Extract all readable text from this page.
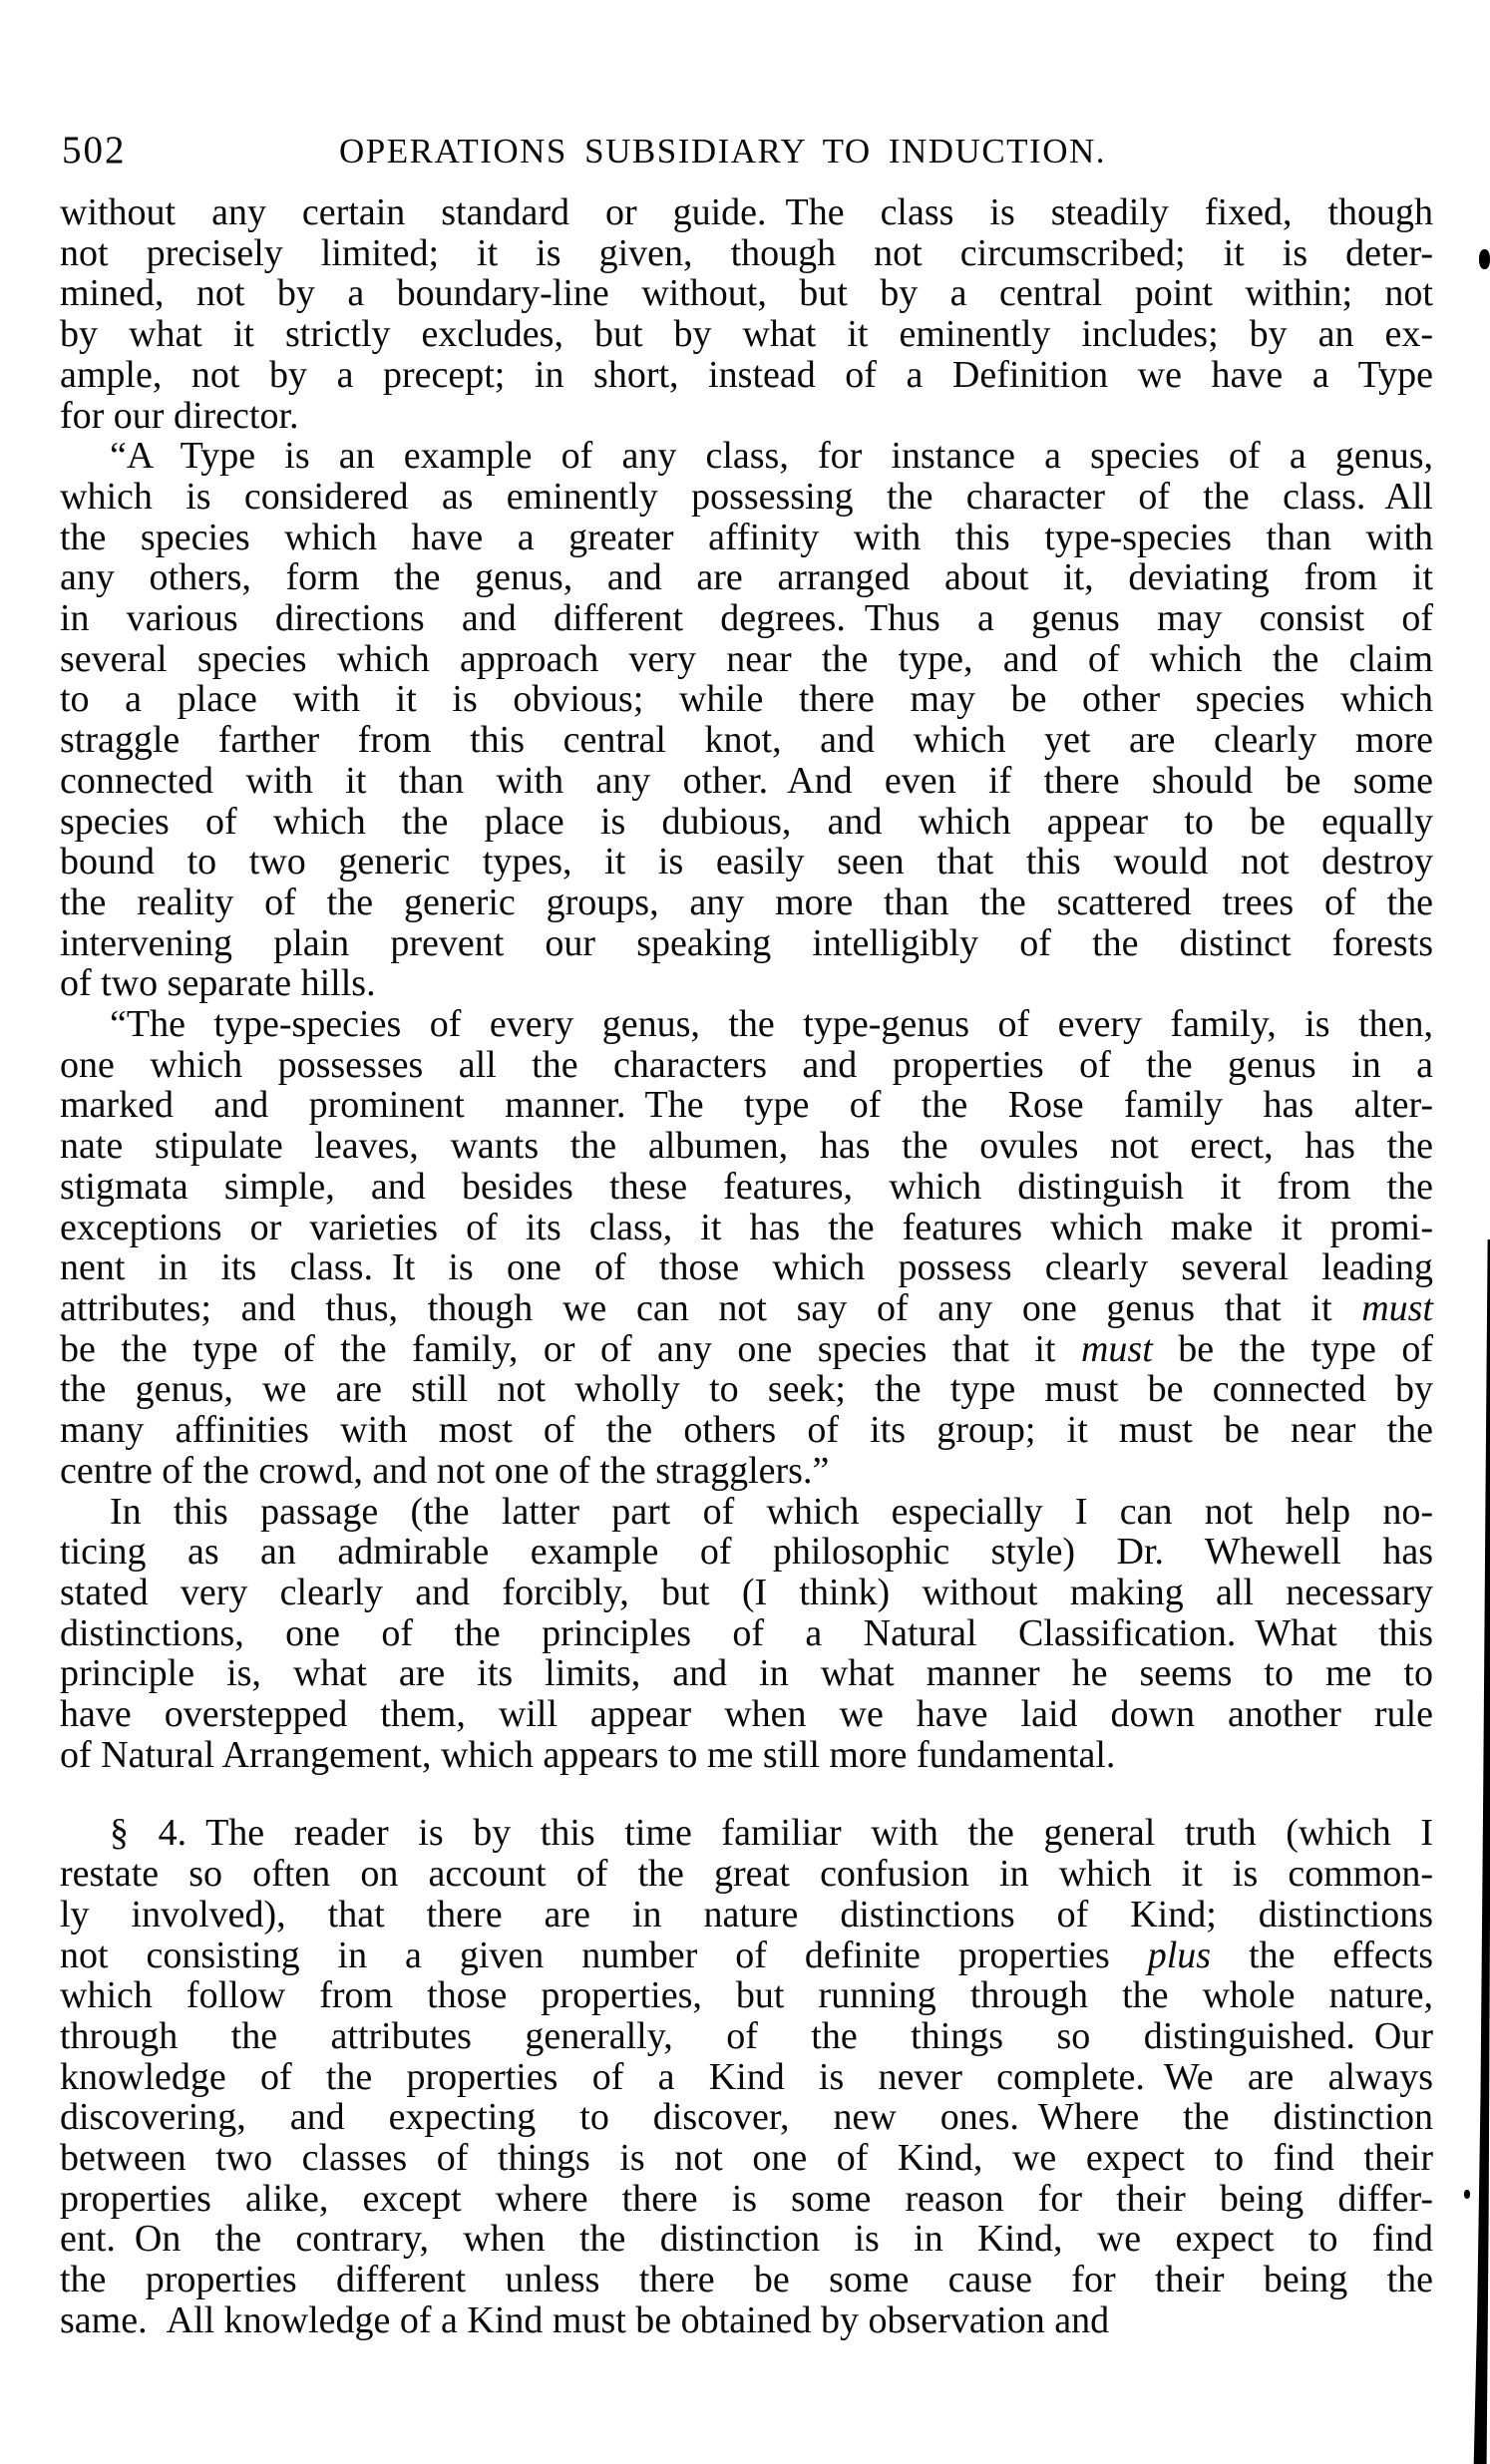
502	OPERATIONS SUBSIDIARY TO INDUCTION.
without any certain standard or guide. The class is steadily fixed, though
not precisely limited; it is given, though not circumscribed; it is deter-
mined, not by a boundary-line without, but by a central point within; not
by what it strictly excludes, but by what it eminently includes; by an ex-
ample, not by a precept; in short, instead of a Definition we have a Type
for our director.
“A Type is an example of any class, for instance a species of a genus,
which is considered as eminently possessing the character of the class. All
the species which have a greater affinity with this type-species than with
any others, form the genus, and are arranged about it, deviating from it
in various directions and different degrees. Thus a genus may consist of
several species which approach very near the type, and of which the claim
to a place with it is obvious; while there may be other species which
straggle farther from this central knot, and which yet are clearly more
connected with it than with any other. And even if there should be some
species of which the place is dubious, and which appear to be equally
bound to two generic types, it is easily seen that this would not destroy
the reality of the generic groups, any more than the scattered trees of the
intervening plain prevent our speaking intelligibly of the distinct forests
of two separate hills.
“The type-species of every genus, the type-genus of every family, is then,
one which possesses all the characters and properties of the genus in a
marked and prominent manner. The type of the Rose family has alter-
nate stipulate leaves, wants the albumen, has the ovules not erect, has the
stigmata simple, and besides these features, which distinguish it from the
exceptions or varieties of its class, it has the features which make it promi-
nent in its class. It is one of those which possess clearly several leading
attributes; and thus, though we can not say of any one genus that it must
be the type of the family, or of any one species that it must be the type of
the genus, we are still not wholly to seek; the type must be connected by
many affinities with most of the others of its group; it must be near the
centre of the crowd, and not one of the stragglers.”
In this passage (the latter part of which especially I can not help no-
ticing as an admirable example of philosophic style) Dr. Whewell has
stated very clearly and forcibly, but (I think) without making all necessary
distinctions, one of the principles of a Natural Classification. What this
principle is, what are its limits, and in what manner he seems to me to
have overstepped them, will appear when we have laid down another rule
of Natural Arrangement, which appears to me still more fundamental.
§ 4. The reader is by this time familiar with the general truth (which I
restate so often on account of the great confusion in which it is common-
ly involved), that there are in nature distinctions of Kind; distinctions
not consisting in a given number of definite properties plus the effects
which follow from those properties, but running through the whole nature,
through the attributes generally, of the things so distinguished. Our
knowledge of the properties of a Kind is never complete. We are always
discovering, and expecting to discover, new ones. Where the distinction
between two classes of things is not one of Kind, we expect to find their
properties alike, except where there is some reason for their being differ-
ent. On the contrary, when the distinction is in Kind, we expect to find
the properties different unless there be some cause for their being the
same. All knowledge of a Kind must be obtained by observation and
